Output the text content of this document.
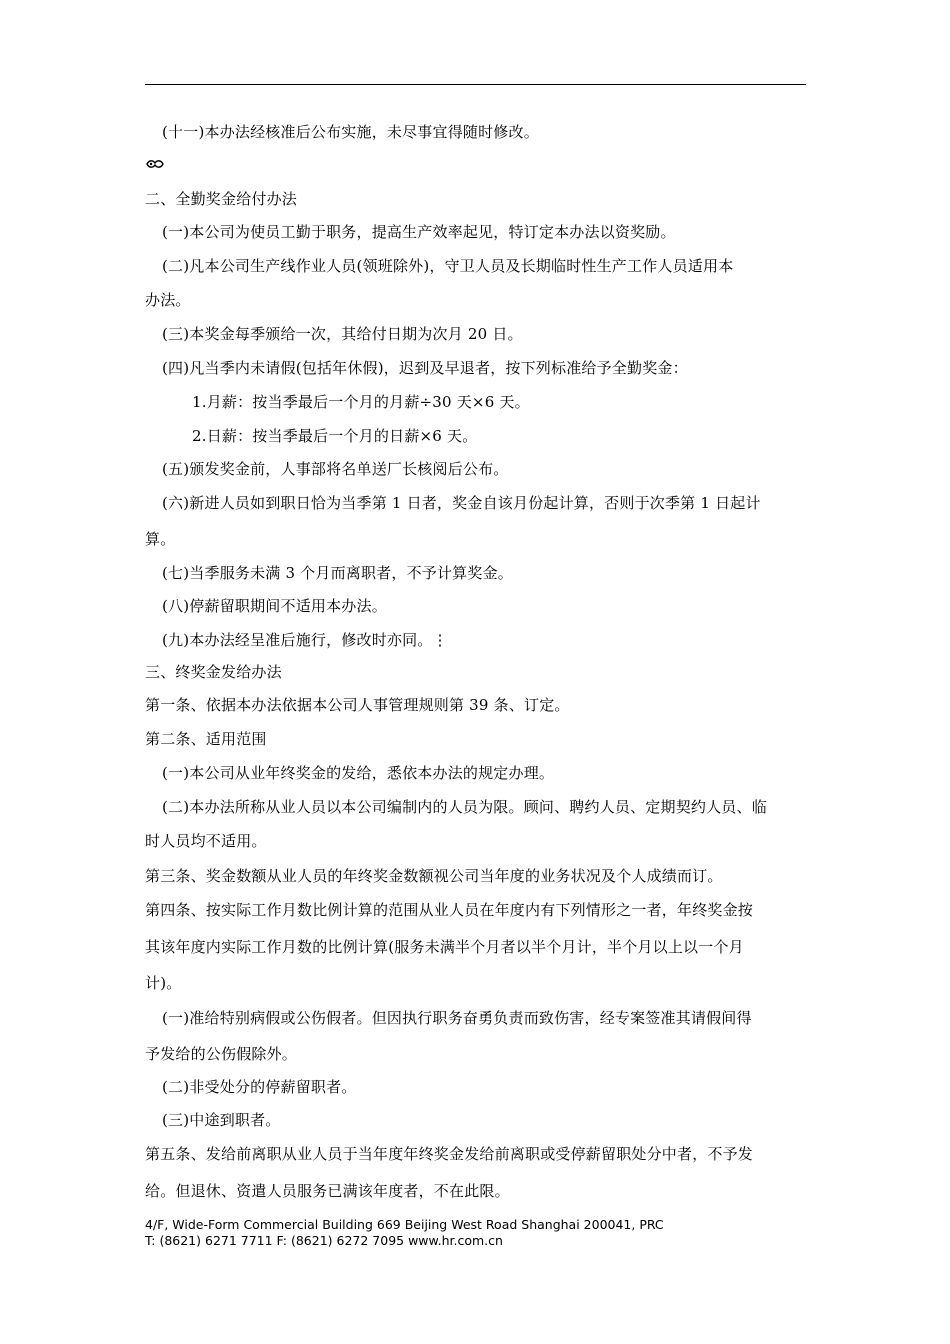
(十一)本办法经核准后公布实施，未尽事宜得随时修改。
二、全勤奖金给付办法
(一)本公司为使员工勤于职务，提高生产效率起见，特订定本办法以资奖励。
(二)凡本公司生产线作业人员(领班除外)，守卫人员及长期临时性生产工作人员适用本
办法。
(三)本奖金每季颁给一次，其给付日期为次月 20 日。
(四)凡当季内未请假(包括年休假)，迟到及早退者，按下列标准给予全勤奖金：
1.月薪：按当季最后一个月的月薪÷30 天×6 天。
2.日薪：按当季最后一个月的日薪×6 天。
(五)颁发奖金前，人事部将名单送厂长核阅后公布。
(六)新进人员如到职日恰为当季第 1 日者，奖金自该月份起计算，否则于次季第 1 日起计
算。
(七)当季服务未满 3 个月而离职者，不予计算奖金。
(八)停薪留职期间不适用本办法。
(九)本办法经呈准后施行，修改时亦同。⋮
三、终奖金发给办法
第一条、依据本办法依据本公司人事管理规则第 39 条、订定。
第二条、适用范围
(一)本公司从业年终奖金的发给，悉依本办法的规定办理。
(二)本办法所称从业人员以本公司编制内的人员为限。顾问、聘约人员、定期契约人员、临
时人员均不适用。
第三条、奖金数额从业人员的年终奖金数额视公司当年度的业务状况及个人成绩而订。
第四条、按实际工作月数比例计算的范围从业人员在年度内有下列情形之一者，年终奖金按
其该年度内实际工作月数的比例计算(服务未满半个月者以半个月计，半个月以上以一个月
计)。
(一)准给特别病假或公伤假者。但因执行职务奋勇负责而致伤害，经专案签准其请假间得
予发给的公伤假除外。
(二)非受处分的停薪留职者。
(三)中途到职者。
第五条、发给前离职从业人员于当年度年终奖金发给前离职或受停薪留职处分中者，不予发
给。但退休、资遣人员服务已满该年度者，不在此限。
4/F, Wide-Form Commercial Building 669 Beijing West Road Shanghai 200041, PRC
T: (8621) 6271 7711 F: (8621) 6272 7095 www.hr.com.cn
